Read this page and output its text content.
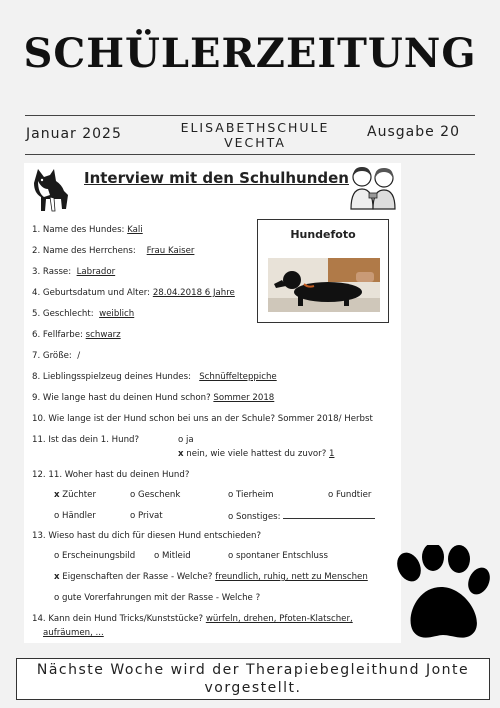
SCHÜLERZEITUNG
Januar 2025	ELISABETHSCHULE
VECHTA
Ausgabe 20
Interview mit den Schulhunden
Hundefoto
1. Name des Hundes: Kali
2. Name des Herrchens: Frau Kaiser
3. Rasse: Labrador
4. Geburtsdatum und Alter: 28.04.2018 6 Jahre
5. Geschlecht: weiblich
6. Fellfarbe: schwarz
7. Größe: /
8. Lieblingsspielzeug deines Hundes: Schnüffelteppiche
9. Wie lange hast du deinen Hund schon? Sommer 2018
10. Wie lange ist der Hund schon bei uns an der Schule? Sommer 2018/ Herbst
11. Ist das dein 1. Hund?	o ja
x nein, wie viele hattest du zuvor? 1
12. 11. Woher hast du deinen Hund?
x Züchter	o Geschenk	o Tierheim	o Fundtier
o Händler	o Privat	o Sonstiges:
13. Wieso hast du dich für diesen Hund entschieden?
o Erscheinungsbild o Mitleid	o spontaner Entschluss
x Eigenschaften der Rasse - Welche? freundlich, ruhig, nett zu Menschen
o gute Vorerfahrungen mit der Rasse - Welche ?
14. Kann dein Hund Tricks/Kunststücke? würfeln, drehen, Pfoten-Klatscher,
aufräumen, ...
Nächste Woche wird der Therapiebegleithund Jonte
vorgestellt.
